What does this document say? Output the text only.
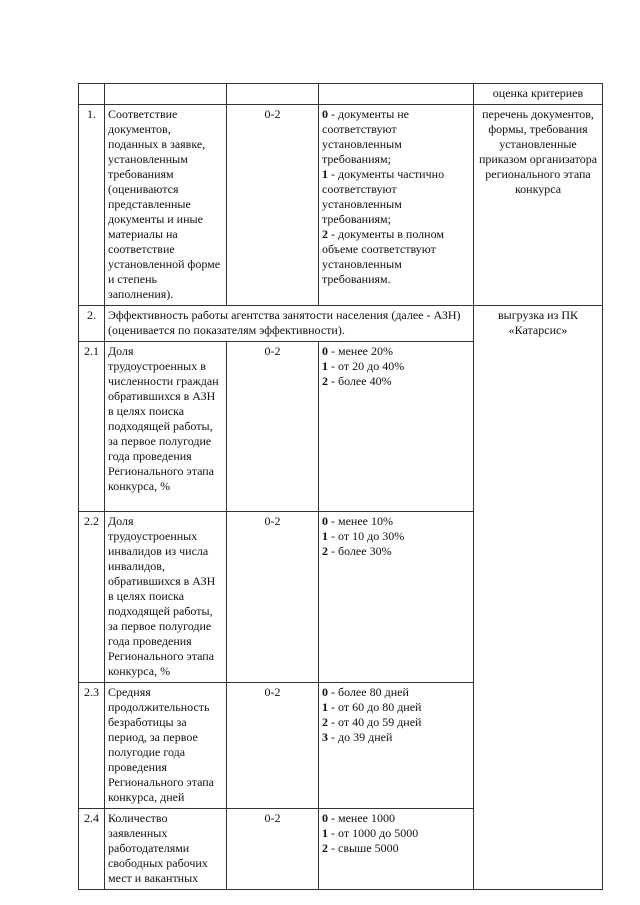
				оценка критериев
1.	Соответствие документов, поданных в заявке, установленным требованиям (оцениваются представленные документы и иные материалы на соответствие установленной форме и степень заполнения).	0-2	0 - документы не соответствуют установленным требованиям;
1 - документы частично соответствуют установленным требованиям;
2 - документы в полном объеме соответствуют установленным требованиям.	перечень документов, формы, требования установленные приказом организатора регионального этапа конкурса
2.	Эффективность работы агентства занятости населения (далее - АЗН) (оценивается по показателям эффективности).			выгрузка из ПК «Катарсис»
2.1	Доля трудоустроенных в численности граждан обратившихся в АЗН в целях поиска подходящей работы, за первое полугодие года проведения Регионального этапа конкурса, %	0-2	0 - менее 20%
1 - от 20 до 40%
2 - более 40%	

2.2	Доля трудоустроенных инвалидов из числа инвалидов, обратившихся в АЗН в целях поиска подходящей работы, за первое полугодие года проведения Регионального этапа конкурса, %	0-2	0 - менее 10%
1 - от 10 до 30%
2 - более 30%	

2.3	Средняя продолжительность безработицы за период, за первое полугодие года проведения Регионального этапа конкурса, дней	0-2	0 - более 80 дней
1 - от 60 до 80 дней
2 - от 40 до 59 дней
3 - до 39 дней	

2.4	Количество заявленных работодателями свободных рабочих мест и вакантных	0-2	0 - менее 1000
1 - от 1000 до 5000
2 - свыше 5000	
